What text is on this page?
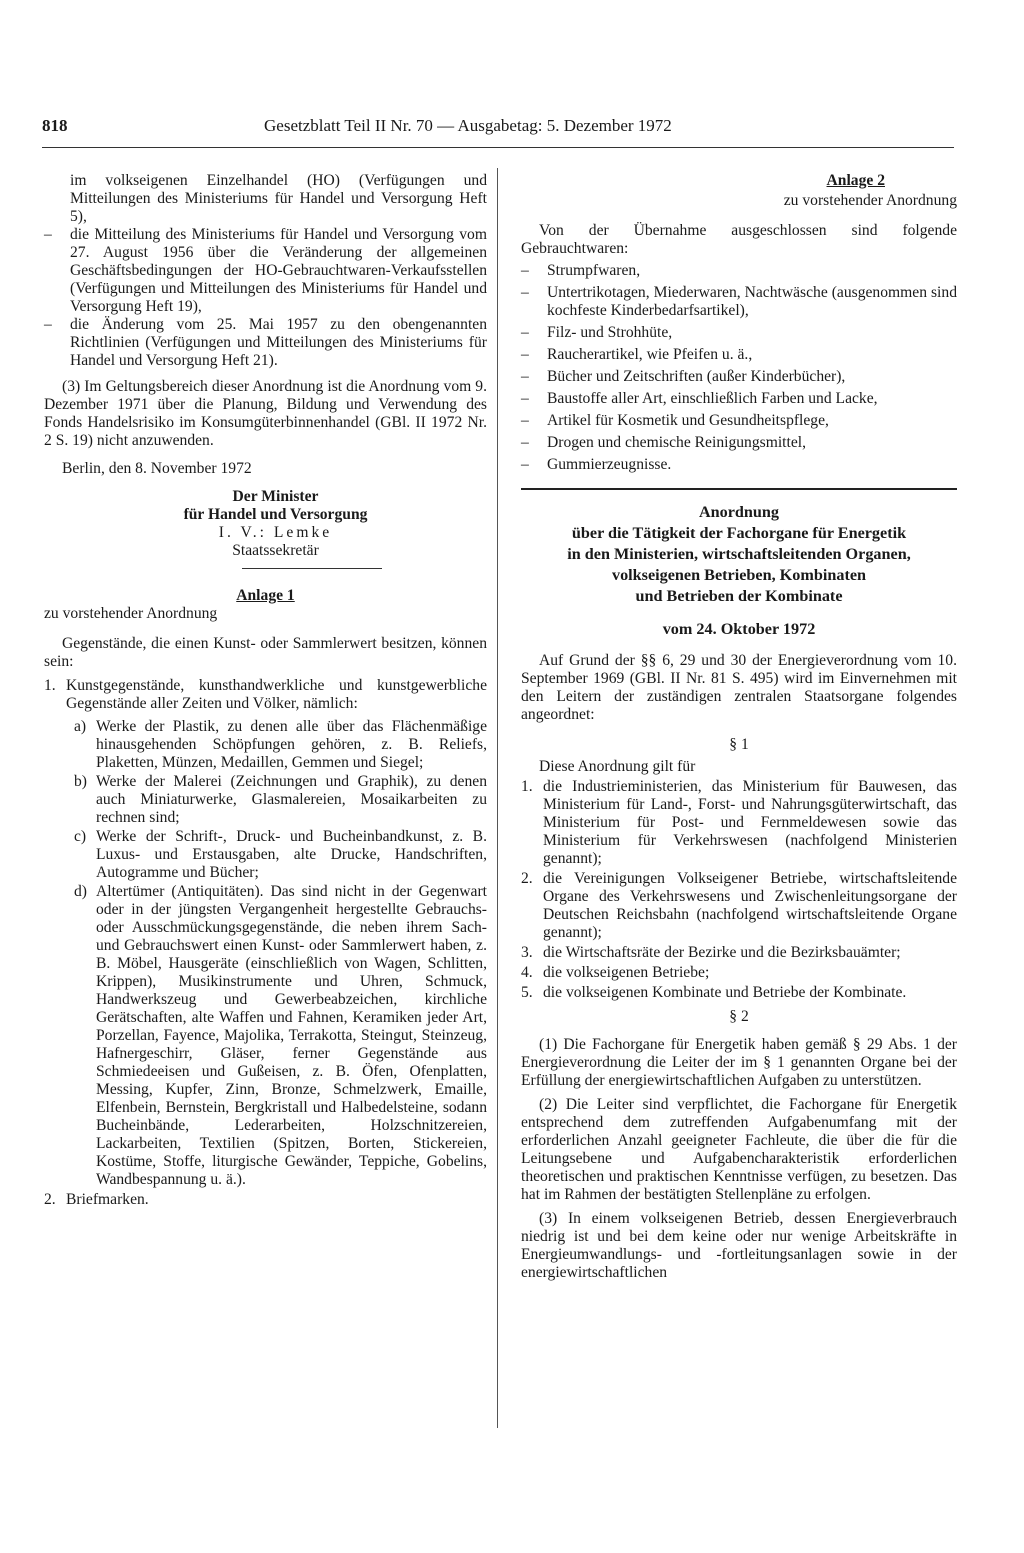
818	Gesetzblatt Teil II Nr. 70 — Ausgabetag: 5. Dezember 1972

im volkseigenen Einzelhandel (HO) (Verfügungen und Mitteilungen des Ministeriums für Handel und Versorgung Heft 5),

– die Mitteilung des Ministeriums für Handel und Versorgung vom 27. August 1956 über die Veränderung der allgemeinen Geschäftsbedingungen der HO-Gebrauchtwaren-Verkaufsstellen (Verfügungen und Mitteilungen des Ministeriums für Handel und Versorgung Heft 19),

– die Änderung vom 25. Mai 1957 zu den obengenannten Richtlinien (Verfügungen und Mitteilungen des Ministeriums für Handel und Versorgung Heft 21).

(3) Im Geltungsbereich dieser Anordnung ist die Anordnung vom 9. Dezember 1971 über die Planung, Bildung und Verwendung des Fonds Handelsrisiko im Konsumgüterbinnenhandel (GBl. II 1972 Nr. 2 S. 19) nicht anzuwenden.

Berlin, den 8. November 1972

Der Minister

für Handel und Versorgung

I. V.: Lemke

Staatssekretär

Anlage 1

zu vorstehender Anordnung

Gegenstände, die einen Kunst- oder Sammlerwert besitzen, können sein:

1. Kunstgegenstände, kunsthandwerkliche und kunstgewerbliche Gegenstände aller Zeiten und Völker, nämlich:

a) Werke der Plastik, zu denen alle über das Flächenmäßige hinausgehenden Schöpfungen gehören, z. B. Reliefs, Plaketten, Münzen, Medaillen, Gemmen und Siegel;

b) Werke der Malerei (Zeichnungen und Graphik), zu denen auch Miniaturwerke, Glasmalereien, Mosaikarbeiten zu rechnen sind;

c) Werke der Schrift-, Druck- und Bucheinbandkunst, z. B. Luxus- und Erstausgaben, alte Drucke, Handschriften, Autogramme und Bücher;

d) Altertümer (Antiquitäten). Das sind nicht in der Gegenwart oder in der jüngsten Vergangenheit hergestellte Gebrauchs- oder Ausschmückungsgegenstände, die neben ihrem Sach- und Gebrauchswert einen Kunst- oder Sammlerwert haben, z. B. Möbel, Hausgeräte (einschließlich von Wagen, Schlitten, Krippen), Musikinstrumente und Uhren, Schmuck, Handwerkszeug und Gewerbeabzeichen, kirchliche Gerätschaften, alte Waffen und Fahnen, Keramiken jeder Art, Porzellan, Fayence, Majolika, Terrakotta, Steingut, Steinzeug, Hafnergeschirr, Gläser, ferner Gegenstände aus Schmiedeeisen und Gußeisen, z. B. Öfen, Ofenplatten, Messing, Kupfer, Zinn, Bronze, Schmelzwerk, Emaille, Elfenbein, Bernstein, Bergkristall und Halbedelsteine, sodann Bucheinbände, Lederarbeiten, Holzschnitzereien, Lackarbeiten, Textilien (Spitzen, Borten, Stickereien, Kostüme, Stoffe, liturgische Gewänder, Teppiche, Gobelins, Wandbespannung u. ä.).

2. Briefmarken.

Anlage 2

zu vorstehender Anordnung

Von der Übernahme ausgeschlossen sind folgende Gebrauchtwaren:

– Strumpfwaren,

– Untertrikotagen, Miederwaren, Nachtwäsche (ausgenommen sind kochfeste Kinderbedarfsartikel),

– Filz- und Strohhüte,

– Raucherartikel, wie Pfeifen u. ä.,

– Bücher und Zeitschriften (außer Kinderbücher),

– Baustoffe aller Art, einschließlich Farben und Lacke,

– Artikel für Kosmetik und Gesundheitspflege,

– Drogen und chemische Reinigungsmittel,

– Gummierzeugnisse.

Anordnung

über die Tätigkeit der Fachorgane für Energetik

in den Ministerien, wirtschaftsleitenden Organen,

volkseigenen Betrieben, Kombinaten

und Betrieben der Kombinate

vom 24. Oktober 1972

Auf Grund der §§ 6, 29 und 30 der Energieverordnung vom 10. September 1969 (GBl. II Nr. 81 S. 495) wird im Einvernehmen mit den Leitern der zuständigen zentralen Staatsorgane folgendes angeordnet:

§ 1

Diese Anordnung gilt für

1. die Industrieministerien, das Ministerium für Bauwesen, das Ministerium für Land-, Forst- und Nahrungsgüterwirtschaft, das Ministerium für Post- und Fernmeldewesen sowie das Ministerium für Verkehrswesen (nachfolgend Ministerien genannt);

2. die Vereinigungen Volkseigener Betriebe, wirtschaftsleitende Organe des Verkehrswesens und Zwischenleitungsorgane der Deutschen Reichsbahn (nachfolgend wirtschaftsleitende Organe genannt);

3. die Wirtschaftsräte der Bezirke und die Bezirksbauämter;

4. die volkseigenen Betriebe;

5. die volkseigenen Kombinate und Betriebe der Kombinate.

§ 2

(1) Die Fachorgane für Energetik haben gemäß § 29 Abs. 1 der Energieverordnung die Leiter der im § 1 genannten Organe bei der Erfüllung der energiewirtschaftlichen Aufgaben zu unterstützen.

(2) Die Leiter sind verpflichtet, die Fachorgane für Energetik entsprechend dem zutreffenden Aufgabenumfang mit der erforderlichen Anzahl geeigneter Fachleute, die über die für die Leitungsebene und Aufgabencharakteristik erforderlichen theoretischen und praktischen Kenntnisse verfügen, zu besetzen. Das hat im Rahmen der bestätigten Stellenpläne zu erfolgen.

(3) In einem volkseigenen Betrieb, dessen Energieverbrauch niedrig ist und bei dem keine oder nur wenige Arbeitskräfte in Energieumwandlungs- und -fortleitungsanlagen sowie in der energiewirtschaftlichen
